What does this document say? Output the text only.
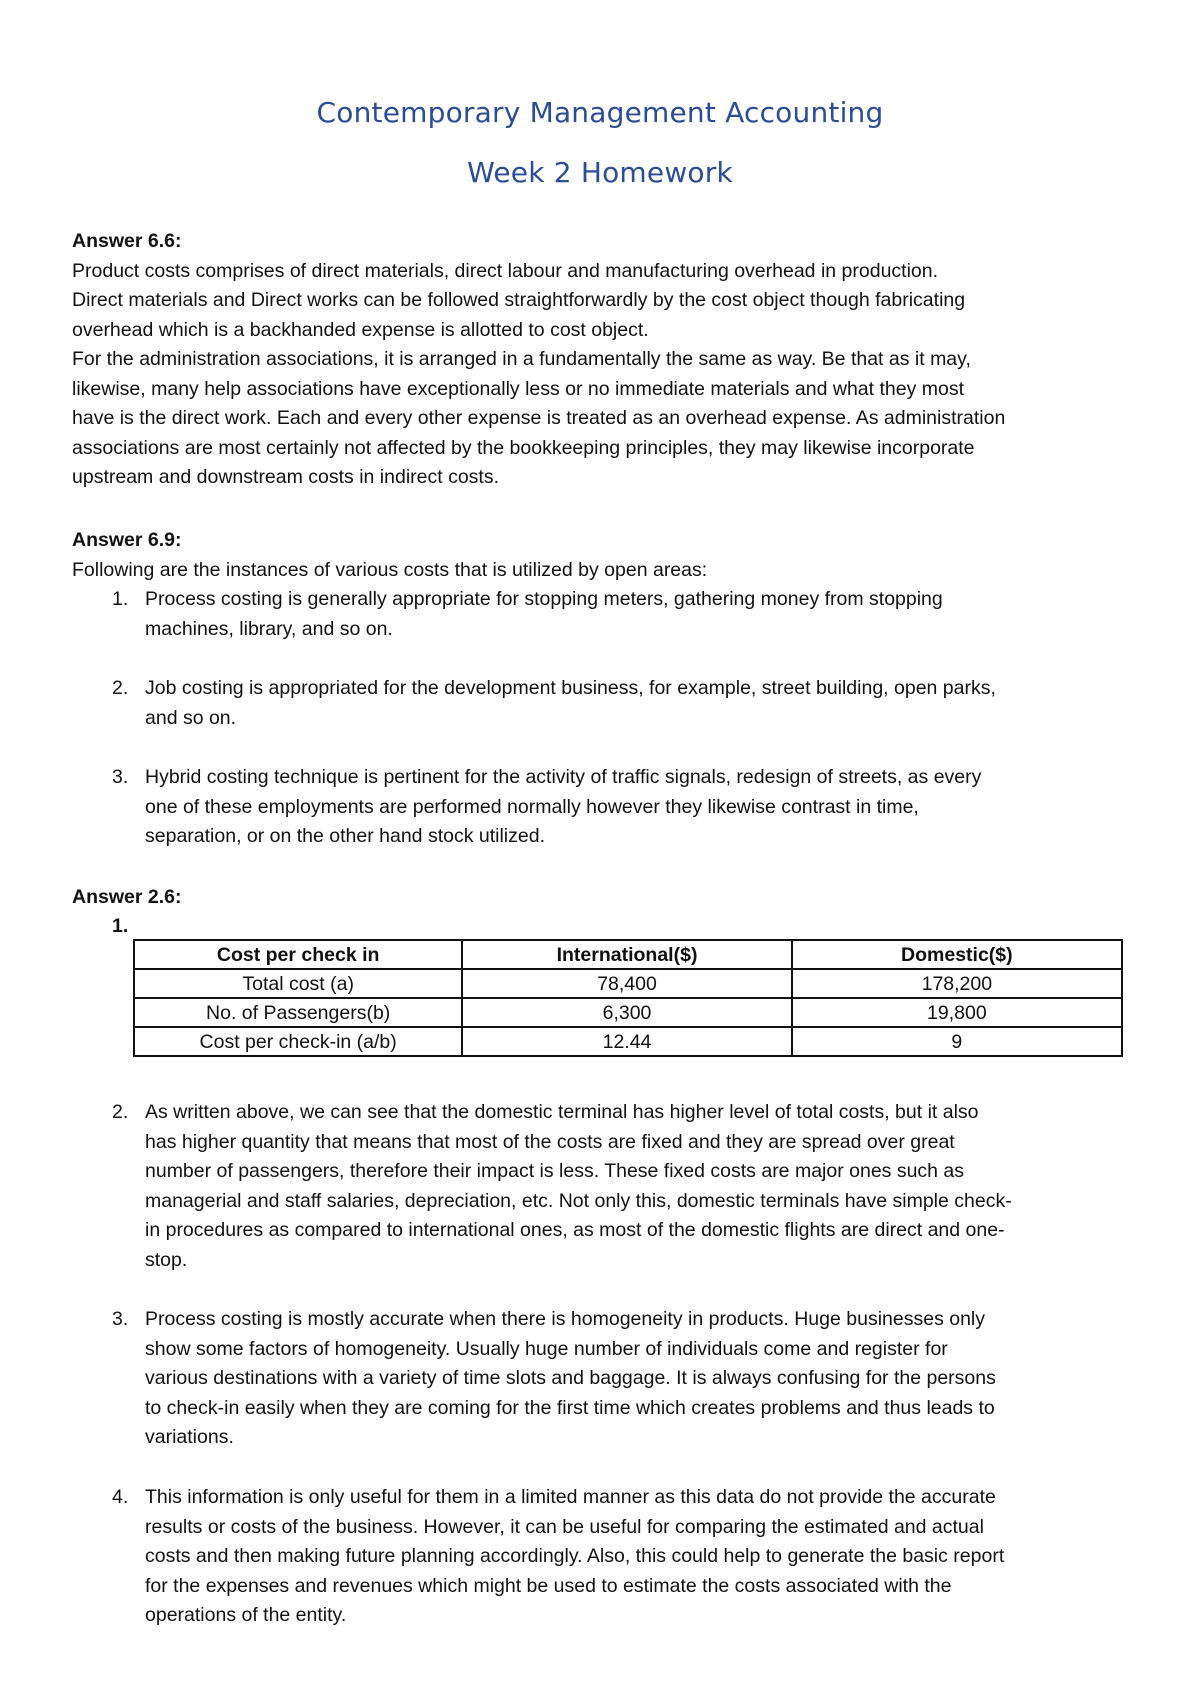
Contemporary Management Accounting
Week 2 Homework
Answer 6.6:
Product costs comprises of direct materials, direct labour and manufacturing overhead in production.
Direct materials and Direct works can be followed straightforwardly by the cost object though fabricating
overhead which is a backhanded expense is allotted to cost object.
For the administration associations, it is arranged in a fundamentally the same as way. Be that as it may,
likewise, many help associations have exceptionally less or no immediate materials and what they most
have is the direct work. Each and every other expense is treated as an overhead expense. As administration
associations are most certainly not affected by the bookkeeping principles, they may likewise incorporate
upstream and downstream costs in indirect costs.
Answer 6.9:
Following are the instances of various costs that is utilized by open areas:
1. Process costing is generally appropriate for stopping meters, gathering money from stopping
machines, library, and so on.
2. Job costing is appropriated for the development business, for example, street building, open parks,
and so on.
3. Hybrid costing technique is pertinent for the activity of traffic signals, redesign of streets, as every
one of these employments are performed normally however they likewise contrast in time,
separation, or on the other hand stock utilized.
Answer 2.6:
1.
Cost per check in	International($)	Domestic($)
Total cost (a)	78,400	178,200
No. of Passengers(b)	6,300	19,800
Cost per check-in (a/b)	12.44	9
2. As written above, we can see that the domestic terminal has higher level of total costs, but it also
has higher quantity that means that most of the costs are fixed and they are spread over great
number of passengers, therefore their impact is less. These fixed costs are major ones such as
managerial and staff salaries, depreciation, etc. Not only this, domestic terminals have simple check-
in procedures as compared to international ones, as most of the domestic flights are direct and one-
stop.
3. Process costing is mostly accurate when there is homogeneity in products. Huge businesses only
show some factors of homogeneity. Usually huge number of individuals come and register for
various destinations with a variety of time slots and baggage. It is always confusing for the persons
to check-in easily when they are coming for the first time which creates problems and thus leads to
variations.
4. This information is only useful for them in a limited manner as this data do not provide the accurate
results or costs of the business. However, it can be useful for comparing the estimated and actual
costs and then making future planning accordingly. Also, this could help to generate the basic report
for the expenses and revenues which might be used to estimate the costs associated with the
operations of the entity.
